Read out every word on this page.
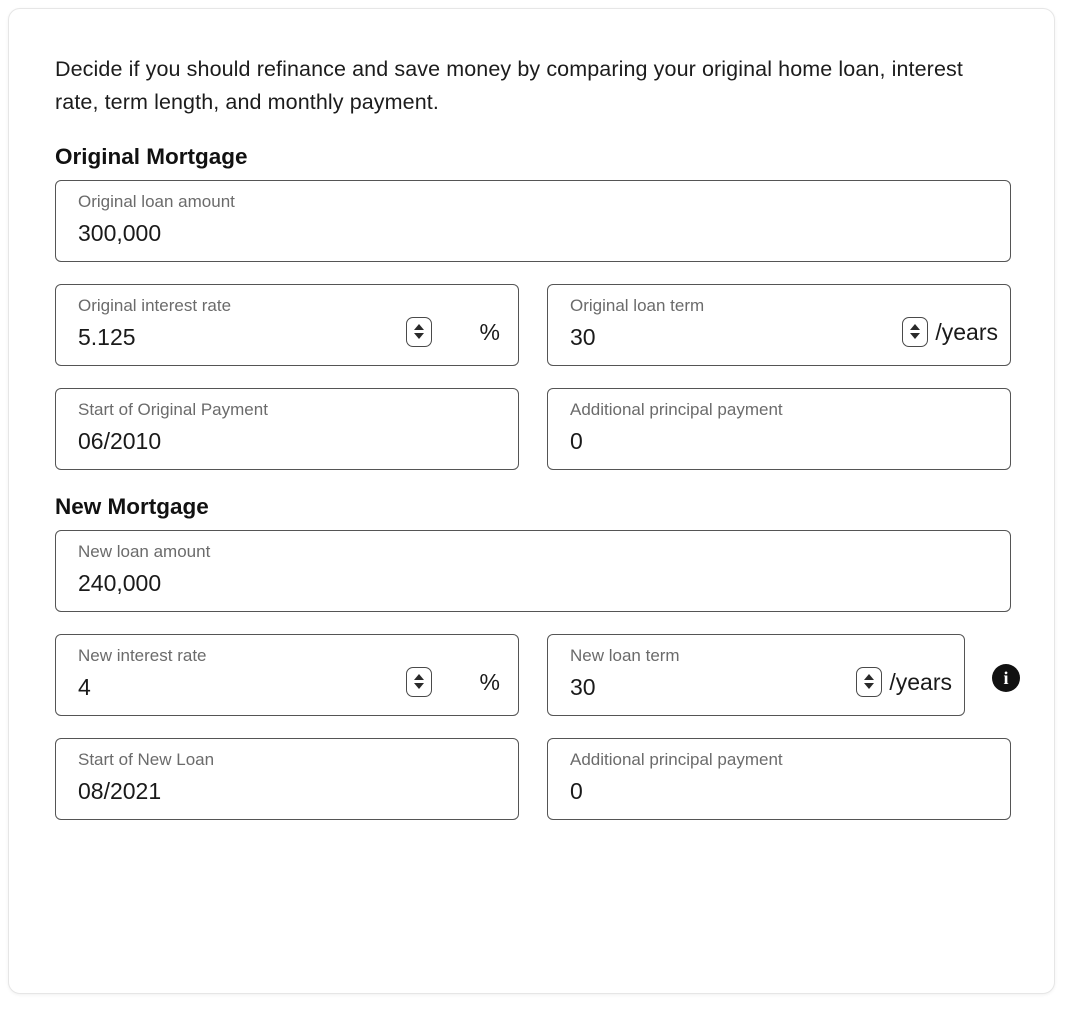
Decide if you should refinance and save money by comparing your original home loan, interest rate, term length, and monthly payment.

Original Mortgage
Original loan amount
300,000
Original interest rate
5.125	%
Original loan term
30	/years
Start of Original Payment
06/2010
Additional principal payment
0
New Mortgage
New loan amount
240,000
New interest rate
4	%
New loan term
30	/years	i
Start of New Loan
08/2021
Additional principal payment
0
